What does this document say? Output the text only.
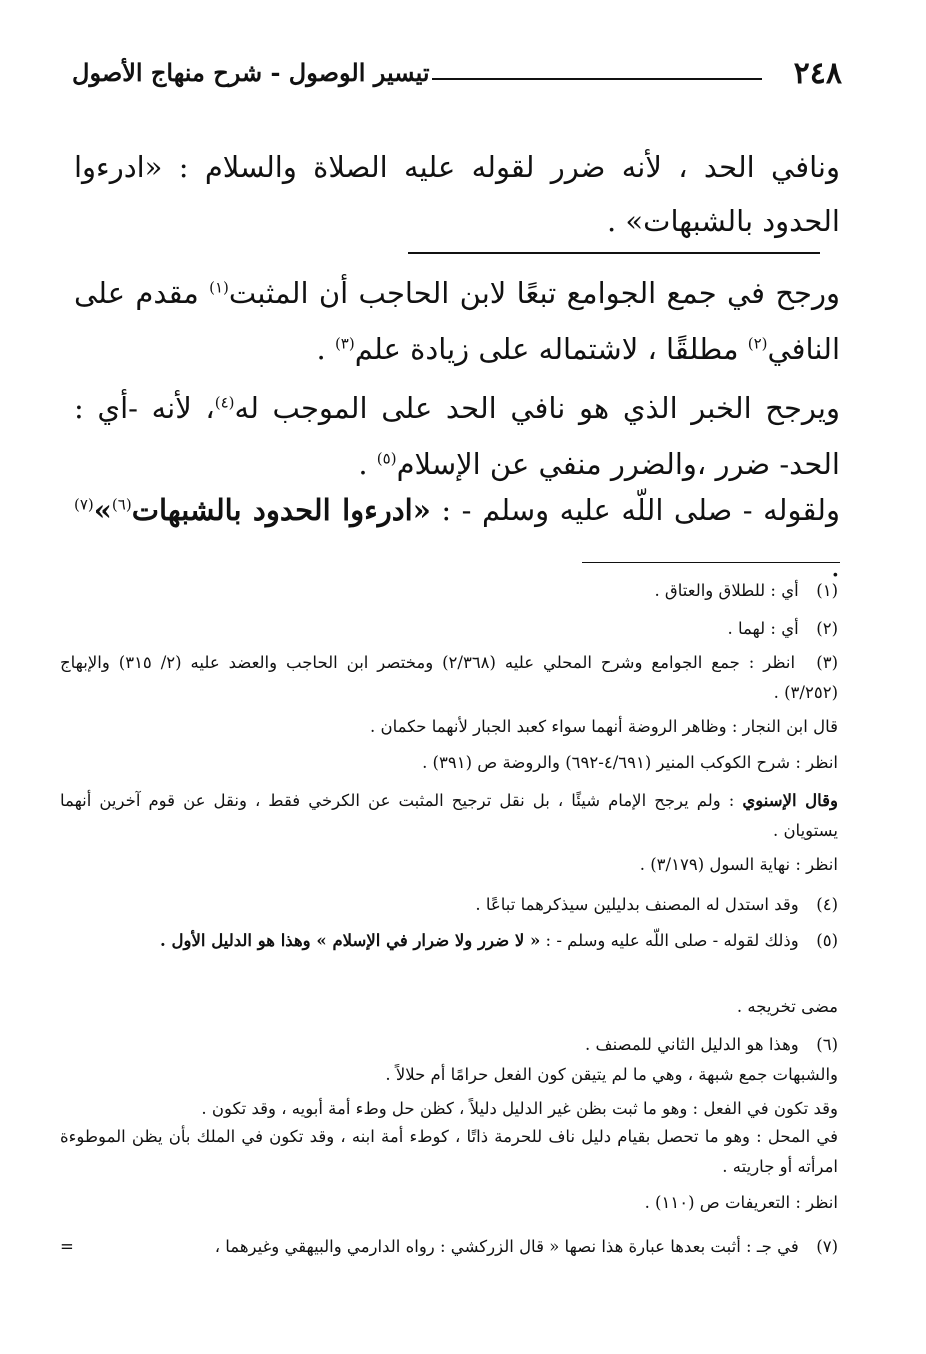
٢٤٨
تيسير الوصول - شرح منهاج الأصول
ونافي الحد ، لأنه ضرر لقوله عليه الصلاة والسلام : «ادرءوا الحدود بالشبهات» .
ورجح في جمع الجوامع تبعًا لابن الحاجب أن المثبت$^{(١)}$ مقدم على النافي$^{(٢)}$ مطلقًا ، لاشتماله على زيادة علم$^{(٣)}$ .
ويرجح الخبر الذي هو نافي الحد على الموجب له$^{(٤)}$، لأنه -أي : الحد- ضرر ،والضرر منفي عن الإسلام$^{(٥)}$ .
ولقوله - صلى اللّه عليه وسلم - : «ادرءوا الحدود بالشبهات$^{(٦)}$»$^{(٧)}$ .
(١) أي : للطلاق والعتاق .
(٢) أي : لهما .
(٣) انظر : جمع الجوامع وشرح المحلي عليه (٢/٣٦٨) ومختصر ابن الحاجب والعضد عليه (٢/ ٣١٥) والإبهاج (٣/٢٥٢) .
قال ابن النجار : وظاهر الروضة أنهما سواء كعبد الجبار لأنهما حكمان .
انظر : شرح الكوكب المنير (٤/٦٩١-٦٩٢) والروضة ص (٣٩١) .
وقال الإسنوي : ولم يرجح الإمام شيئًا ، بل نقل ترجيح المثبت عن الكرخي فقط ، ونقل عن قوم آخرين أنهما يستويان .
انظر : نهاية السول (٣/١٧٩) .
(٤) وقد استدل له المصنف بدليلين سيذكرهما تباعًا .
(٥) وذلك لقوله - صلى اللّه عليه وسلم - : « لا ضرر ولا ضرار في الإسلام » وهذا هو الدليل الأول .
مضى تخريجه .
(٦) وهذا هو الدليل الثاني للمصنف .
والشبهات جمع شبهة ، وهي ما لم يتيقن كون الفعل حرامًا أم حلالاً .
وقد تكون في الفعل : وهو ما ثبت بظن غير الدليل دليلاً ، كظن حل وطء أمة أبويه ، وقد تكون .
في المحل : وهو ما تحصل بقيام دليل ناف للحرمة ذاتًا ، كوطء أمة ابنه ، وقد تكون في الملك بأن يظن الموطوءة امرأته أو جاريته .
انظر : التعريفات ص (١١٠) .
(٧) في جـ : أثبت بعدها عبارة هذا نصها « قال الزركشي : رواه الدارمي والبيهقي وغيرهما ،
=
